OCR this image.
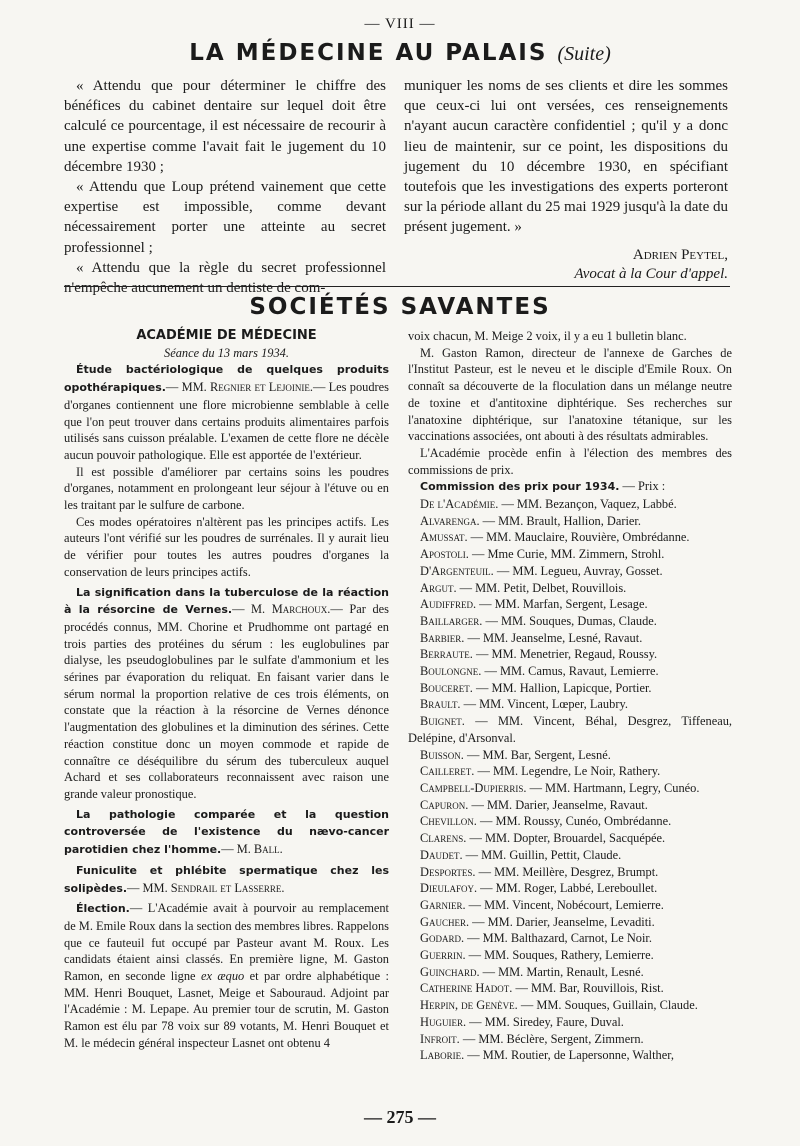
— VIII —
LA MÉDECINE AU PALAIS (Suite)

« Attendu que pour déterminer le chiffre des bénéfices du cabinet dentaire sur lequel doit être calculé ce pourcentage, il est nécessaire de recourir à une expertise comme l'avait fait le jugement du 10 décembre 1930 ;

« Attendu que Loup prétend vainement que cette expertise est impossible, comme devant nécessairement porter une atteinte au secret professionnel ;

« Attendu que la règle du secret professionnel n'empêche aucunement un dentiste de com-

muniquer les noms de ses clients et dire les sommes que ceux-ci lui ont versées, ces renseignements n'ayant aucun caractère confidentiel ; qu'il y a donc lieu de maintenir, sur ce point, les dispositions du jugement du 10 décembre 1930, en spécifiant toutefois que les investigations des experts porteront sur la période allant du 25 mai 1929 jusqu'à la date du présent jugement. »

Adrien Peytel,
Avocat à la Cour d'appel.
SOCIÉTÉS SAVANTES

ACADÉMIE DE MÉDECINE

Séance du 13 mars 1934.

Étude bactériologique de quelques produits opothérapiques.— MM. Regnier et Lejoinie.— Les poudres d'organes contiennent une flore microbienne semblable à celle que l'on peut trouver dans certains produits alimentaires parfois utilisés sans cuisson préalable. L'examen de cette flore ne décèle aucun pouvoir pathologique. Elle est apportée de l'extérieur.

Il est possible d'améliorer par certains soins les poudres d'organes, notamment en prolongeant leur séjour à l'étuve ou en les traitant par le sulfure de carbone.

Ces modes opératoires n'altèrent pas les principes actifs. Les auteurs l'ont vérifié sur les poudres de surrénales. Il y aurait lieu de vérifier pour toutes les autres poudres d'organes la conservation de leurs principes actifs.

La signification dans la tuberculose de la réaction à la résorcine de Vernes.— M. Marchoux.— Par des procédés connus, MM. Chorine et Prudhomme ont partagé en trois parties des protéines du sérum : les euglobulines par dialyse, les pseudoglobulines par le sulfate d'ammonium et les sérines par évaporation du reliquat. En faisant varier dans le sérum normal la proportion relative de ces trois éléments, on constate que la réaction à la résorcine de Vernes dénonce l'augmentation des globulines et la diminution des sérines. Cette réaction constitue donc un moyen commode et rapide de connaître ce déséquilibre du sérum des tuberculeux auquel Achard et ses collaborateurs reconnaissent avec raison une grande valeur pronostique.

La pathologie comparée et la question controversée de l'existence du nævo-cancer parotidien chez l'homme.— M. Ball.

Funiculite et phlébite spermatique chez les solipèdes.— MM. Sendrail et Lasserre.

Élection.— L'Académie avait à pourvoir au remplacement de M. Emile Roux dans la section des membres libres. Rappelons que ce fauteuil fut occupé par Pasteur avant M. Roux. Les candidats étaient ainsi classés. En première ligne, M. Gaston Ramon, en seconde ligne ex æquo et par ordre alphabétique : MM. Henri Bouquet, Lasnet, Meige et Sabouraud. Adjoint par l'Académie : M. Lepape. Au premier tour de scrutin, M. Gaston Ramon est élu par 78 voix sur 89 votants, M. Henri Bouquet et M. le médecin général inspecteur Lasnet ont obtenu 4

voix chacun, M. Meige 2 voix, il y a eu 1 bulletin blanc.

M. Gaston Ramon, directeur de l'annexe de Garches de l'Institut Pasteur, est le neveu et le disciple d'Emile Roux. On connaît sa découverte de la floculation dans un mélange neutre de toxine et d'antitoxine diphtérique. Ses recherches sur l'anatoxine diphtérique, sur l'anatoxine tétanique, sur les vaccinations associées, ont abouti à des résultats admirables.

L'Académie procède enfin à l'élection des membres des commissions de prix.

Commission des prix pour 1934. — Prix :

De l'Académie. — MM. Bezançon, Vaquez, Labbé.

Alvarenga. — MM. Brault, Hallion, Darier.

Amussat. — MM. Mauclaire, Rouvière, Ombrédanne.

Apostoli. — Mme Curie, MM. Zimmern, Strohl.

D'Argenteuil. — MM. Legueu, Auvray, Gosset.

Argut. — MM. Petit, Delbet, Rouvillois.

Audiffred. — MM. Marfan, Sergent, Lesage.

Baillarger. — MM. Souques, Dumas, Claude.

Barbier. — MM. Jeanselme, Lesné, Ravaut.

Berraute. — MM. Menetrier, Regaud, Roussy.

Boulongne. — MM. Camus, Ravaut, Lemierre.

Bouceret. — MM. Hallion, Lapicque, Portier.

Brault. — MM. Vincent, Lœper, Laubry.

Buignet. — MM. Vincent, Béhal, Desgrez, Tiffeneau, Delépine, d'Arsonval.

Buisson. — MM. Bar, Sergent, Lesné.

Cailleret. — MM. Legendre, Le Noir, Rathery.

Campbell-Dupierris. — MM. Hartmann, Legry, Cunéo.

Capuron. — MM. Darier, Jeanselme, Ravaut.

Chevillon. — MM. Roussy, Cunéo, Ombrédanne.

Clarens. — MM. Dopter, Brouardel, Sacquépée.

Daudet. — MM. Guillin, Pettit, Claude.

Desportes. — MM. Meillère, Desgrez, Brumpt.

Dieulafoy. — MM. Roger, Labbé, Lereboullet.

Garnier. — MM. Vincent, Nobécourt, Lemierre.

Gaucher. — MM. Darier, Jeanselme, Levaditi.

Godard. — MM. Balthazard, Carnot, Le Noir.

Guerrin. — MM. Souques, Rathery, Lemierre.

Guinchard. — MM. Martin, Renault, Lesné.

Catherine Hadot. — MM. Bar, Rouvillois, Rist.

Herpin, de Genève. — MM. Souques, Guillain, Claude.

Huguier. — MM. Siredey, Faure, Duval.

Infroit. — MM. Béclère, Sergent, Zimmern.

Laborie. — MM. Routier, de Lapersonne, Walther,

— 275 —
